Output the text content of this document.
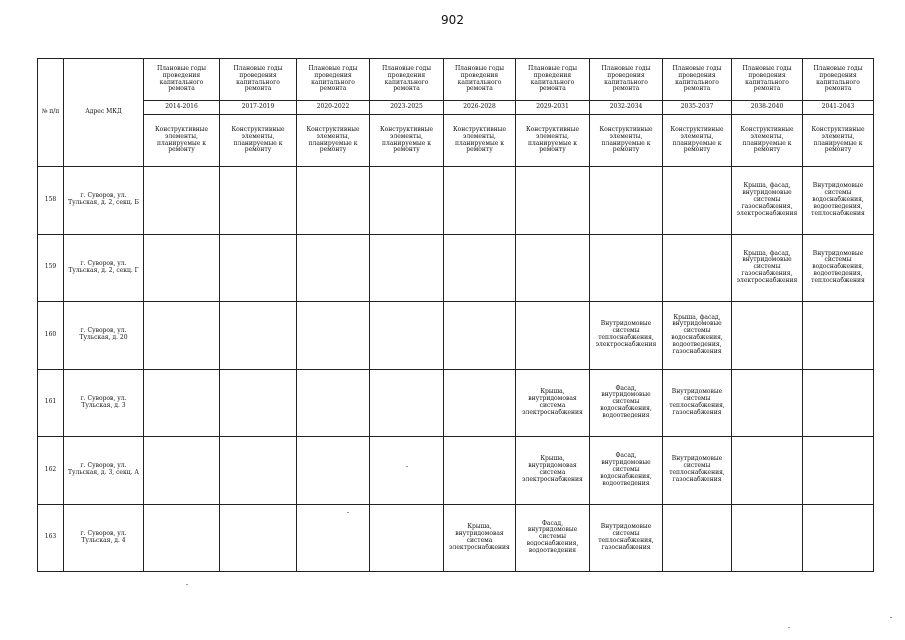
902
№ п/п	Адрес МКД	Плановые годы проведения капитального ремонта	Плановые годы проведения капитального ремонта	Плановые годы проведения капитального ремонта	Плановые годы проведения капитального ремонта	Плановые годы проведения капитального ремонта	Плановые годы проведения капитального ремонта	Плановые годы проведения капитального ремонта	Плановые годы проведения капитального ремонта	Плановые годы проведения капитального ремонта	Плановые годы проведения капитального ремонта
		2014-2016	2017-2019	2020-2022	2023-2025	2026-2028	2029-2031	2032-2034	2035-2037	2038-2040	2041-2043
		Конструктивные элементы, планируемые к ремонту	Конструктивные элементы, планируемые к ремонту	Конструктивные элементы, планируемые к ремонту	Конструктивные элементы, планируемые к ремонту	Конструктивные элементы, планируемые к ремонту	Конструктивные элементы, планируемые к ремонту	Конструктивные элементы, планируемые к ремонту	Конструктивные элементы, планируемые к ремонту	Конструктивные элементы, планируемые к ремонту	Конструктивные элементы, планируемые к ремонту
158	г. Суворов, ул. Тульская, д. 2, секц. Б									Крыша, фасад, внутридомовые системы газоснабжения, электроснабжения	Внутридомовые системы водоснабжения, водоотведения, теплоснабжения
159	г. Суворов, ул. Тульская, д. 2, секц. Г									Крыша, фасад, внутридомовые системы газоснабжения, электроснабжения	Внутридомовые системы водоснабжения, водоотведения, теплоснабжения
160	г. Суворов, ул. Тульская, д. 20							Внутридомовые системы теплоснабжения, электроснабжения	Крыша, фасад, внутридомовые системы водоснабжения, водоотведения, газоснабжения		
161	г. Суворов, ул. Тульская, д. 3						Крыша, внутридомовая система электроснабжения	Фасад, внутридомовые системы водоснабжения, водоотведения	Внутридомовые системы теплоснабжения, газоснабжения		
162	г. Суворов, ул. Тульская, д. 3, секц. А						Крыша, внутридомовая система электроснабжения	Фасад, внутридомовые системы водоснабжения, водоотведения	Внутридомовые системы теплоснабжения, газоснабжения		
163	г. Суворов, ул. Тульская, д. 4					Крыша, внутридомовая система электроснабжения	Фасад, внутридомовые системы водоснабжения, водоотведения	Внутридомовые системы теплоснабжения, газоснабжения			
